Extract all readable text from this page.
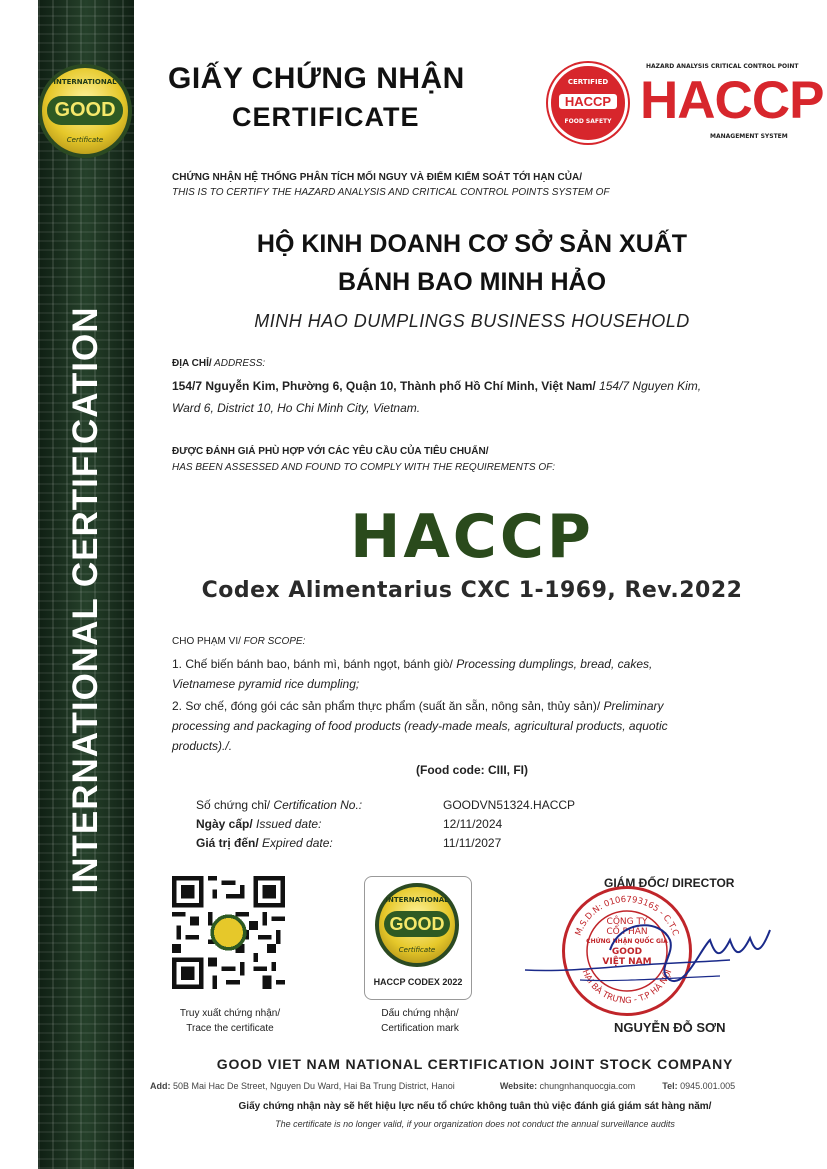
INTERNATIONAL CERTIFICATION
INTERNATIONAL
GOOD
Certificate
GIẤY CHỨNG NHẬN
CERTIFICATE
CERTIFIED
HACCP
FOOD SAFETY
HAZARD ANALYSIS CRITICAL CONTROL POINT
HACCP
MANAGEMENT SYSTEM
CHỨNG NHẬN HỆ THỐNG PHÂN TÍCH MỐI NGUY VÀ ĐIỂM KIỂM SOÁT TỚI HẠN CỦA/
THIS IS TO CERTIFY THE HAZARD ANALYSIS AND CRITICAL CONTROL POINTS SYSTEM OF
HỘ KINH DOANH CƠ SỞ SẢN XUẤT
BÁNH BAO MINH HẢO
MINH HAO DUMPLINGS BUSINESS HOUSEHOLD
ĐỊA CHỈ/ ADDRESS:
154/7 Nguyễn Kim, Phường 6, Quận 10, Thành phố Hồ Chí Minh, Việt Nam/ 154/7 Nguyen Kim,
Ward 6, District 10, Ho Chi Minh City, Vietnam.
ĐƯỢC ĐÁNH GIÁ PHÙ HỢP VỚI CÁC YÊU CẦU CỦA TIÊU CHUẨN/
HAS BEEN ASSESSED AND FOUND TO COMPLY WITH THE REQUIREMENTS OF:
HACCP
Codex Alimentarius CXC 1-1969, Rev.2022
CHO PHẠM VI/ FOR SCOPE:
1. Chế biến bánh bao, bánh mì, bánh ngọt, bánh giò/ Processing dumplings, bread, cakes,
Vietnamese pyramid rice dumpling;
2. Sơ chế, đóng gói các sản phẩm thực phẩm (suất ăn sẵn, nông sản, thủy sản)/ Preliminary
processing and packaging of food products (ready-made meals, agricultural products, aquotic
products)./.
(Food code: CIII, FI)
Số chứng chỉ/ Certification No.:	GOODVN51324.HACCP
Ngày cấp/ Issued date:	12/11/2024
Giá trị đến/ Expired date:	11/11/2027
Truy xuất chứng nhận/
Trace the certificate
INTERNATIONAL
GOOD
Certificate
HACCP CODEX 2022
Dấu chứng nhận/
Certification mark
GIÁM ĐỐC/ DIRECTOR
M.S.D.N: 0106793165 - C.T.C
HAI BÀ TRƯNG - T.P HÀ NỘI
CÔNG TY
CỔ PHẦN
CHỨNG NHẬN QUỐC GIA
GOOD
VIỆT NAM
NGUYỄN ĐỖ SƠN
GOOD VIET NAM NATIONAL CERTIFICATION JOINT STOCK COMPANY
Add: 50B Mai Hac De Street, Nguyen Du Ward, Hai Ba Trung District, Hanoi	Website: chungnhanquocgia.com	Tel: 0945.001.005
Giấy chứng nhận này sẽ hết hiệu lực nếu tổ chức không tuân thủ việc đánh giá giám sát hàng năm/
The certificate is no longer valid, if your organization does not conduct the annual surveillance audits
